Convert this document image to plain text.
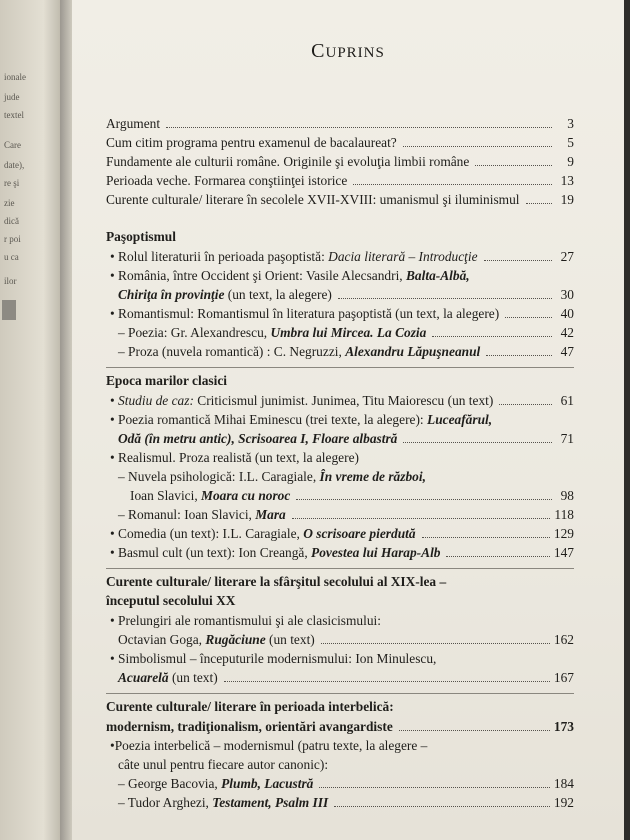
ionale
jude
textel
Care
date),
re şi
zie
dică
r poi
u ca
ilor
CUPRINS
Argument	3
Cum citim programa pentru examenul de bacalaureat?	5
Fundamente ale culturii române. Originile şi evoluţia limbii române	9
Perioada veche. Formarea conştiinţei istorice	13
Curente culturale/ literare în secolele XVII-XVIII: umanismul şi iluminismul	19
Paşoptismul
• Rolul literaturii în perioada paşoptistă: Dacia literară – Introducţie	27
• România, între Occident şi Orient: Vasile Alecsandri, Balta-Albă,
Chiriţa în provinţie (un text, la alegere)	30
• Romantismul: Romantismul în literatura paşoptistă (un text, la alegere)	40
– Poezia: Gr. Alexandrescu, Umbra lui Mircea. La Cozia	42
– Proza (nuvela romantică) : C. Negruzzi, Alexandru Lăpuşneanul	47
Epoca marilor clasici
• Studiu de caz: Criticismul junimist. Junimea, Titu Maiorescu (un text)	61
• Poezia romantică Mihai Eminescu (trei texte, la alegere): Luceafărul,
Odă (în metru antic), Scrisoarea I, Floare albastră	71
• Realismul. Proza realistă (un text, la alegere)
– Nuvela psihologică: I.L. Caragiale, În vreme de război,
Ioan Slavici, Moara cu noroc	98
– Romanul: Ioan Slavici, Mara	118
• Comedia (un text): I.L. Caragiale, O scrisoare pierdută	129
• Basmul cult (un text): Ion Creangă, Povestea lui Harap-Alb	147
Curente culturale/ literare la sfârşitul secolului al XIX-lea –
începutul secolului XX
• Prelungiri ale romantismului şi ale clasicismului:
Octavian Goga, Rugăciune (un text)	162
• Simbolismul – începuturile modernismului: Ion Minulescu,
Acuarelă (un text)	167
Curente culturale/ literare în perioada interbelică:
modernism, tradiţionalism, orientări avangardiste	173
•Poezia interbelică – modernismul (patru texte, la alegere –
câte unul pentru fiecare autor canonic):
– George Bacovia, Plumb, Lacustră	184
– Tudor Arghezi, Testament, Psalm III	192
